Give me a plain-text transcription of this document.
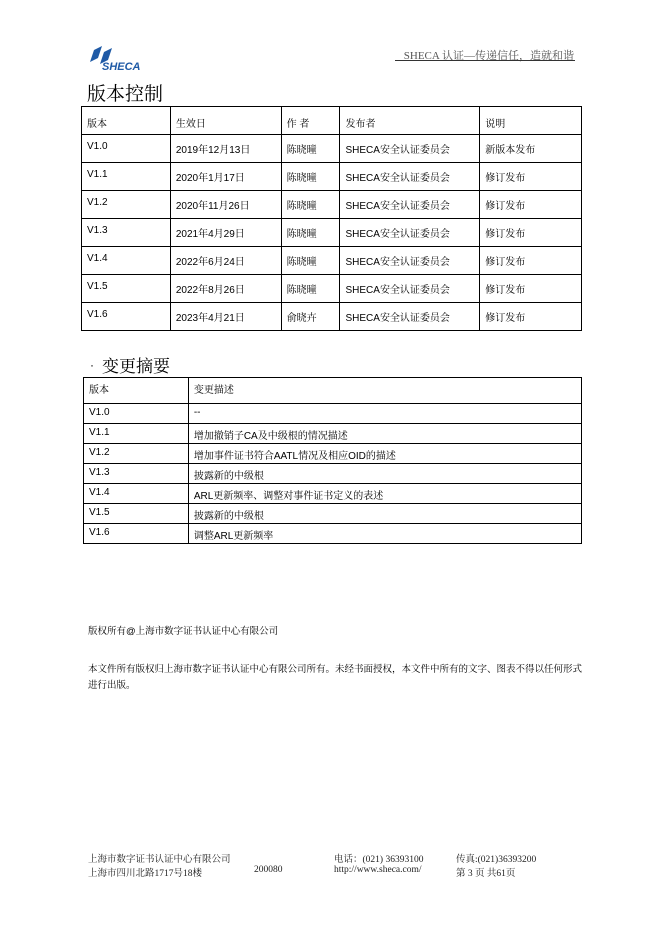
SHECA
SHECA 认证—传递信任，造就和谐
版本控制
版本	生效日	作 者	发布者	说明
V1.0	2019年12月13日	陈晓曈	SHECA安全认证委员会	新版本发布
V1.1	2020年1月17日	陈晓曈	SHECA安全认证委员会	修订发布
V1.2	2020年11月26日	陈晓曈	SHECA安全认证委员会	修订发布
V1.3	2021年4月29日	陈晓曈	SHECA安全认证委员会	修订发布
V1.4	2022年6月24日	陈晓曈	SHECA安全认证委员会	修订发布
V1.5	2022年8月26日	陈晓曈	SHECA安全认证委员会	修订发布
V1.6	2023年4月21日	俞晓卉	SHECA安全认证委员会	修订发布
· 变更摘要
版本	变更描述
V1.0	--
V1.1	增加撤销子CA及中级根的情况描述
V1.2	增加事件证书符合AATL情况及相应OID的描述
V1.3	披露新的中级根
V1.4	ARL更新频率、调整对事件证书定义的表述
V1.5	披露新的中级根
V1.6	调整ARL更新频率
版权所有@上海市数字证书认证中心有限公司
本文件所有版权归上海市数字证书认证中心有限公司所有。未经书面授权，本文件中所有的文字、图表不得以任何形式进行出版。
上海市数字证书认证中心有限公司	电话：(021) 36393100	传真:(021)36393200
上海市四川北路1717号18楼	200080	http://www.sheca.com/	第 3 页 共61页
